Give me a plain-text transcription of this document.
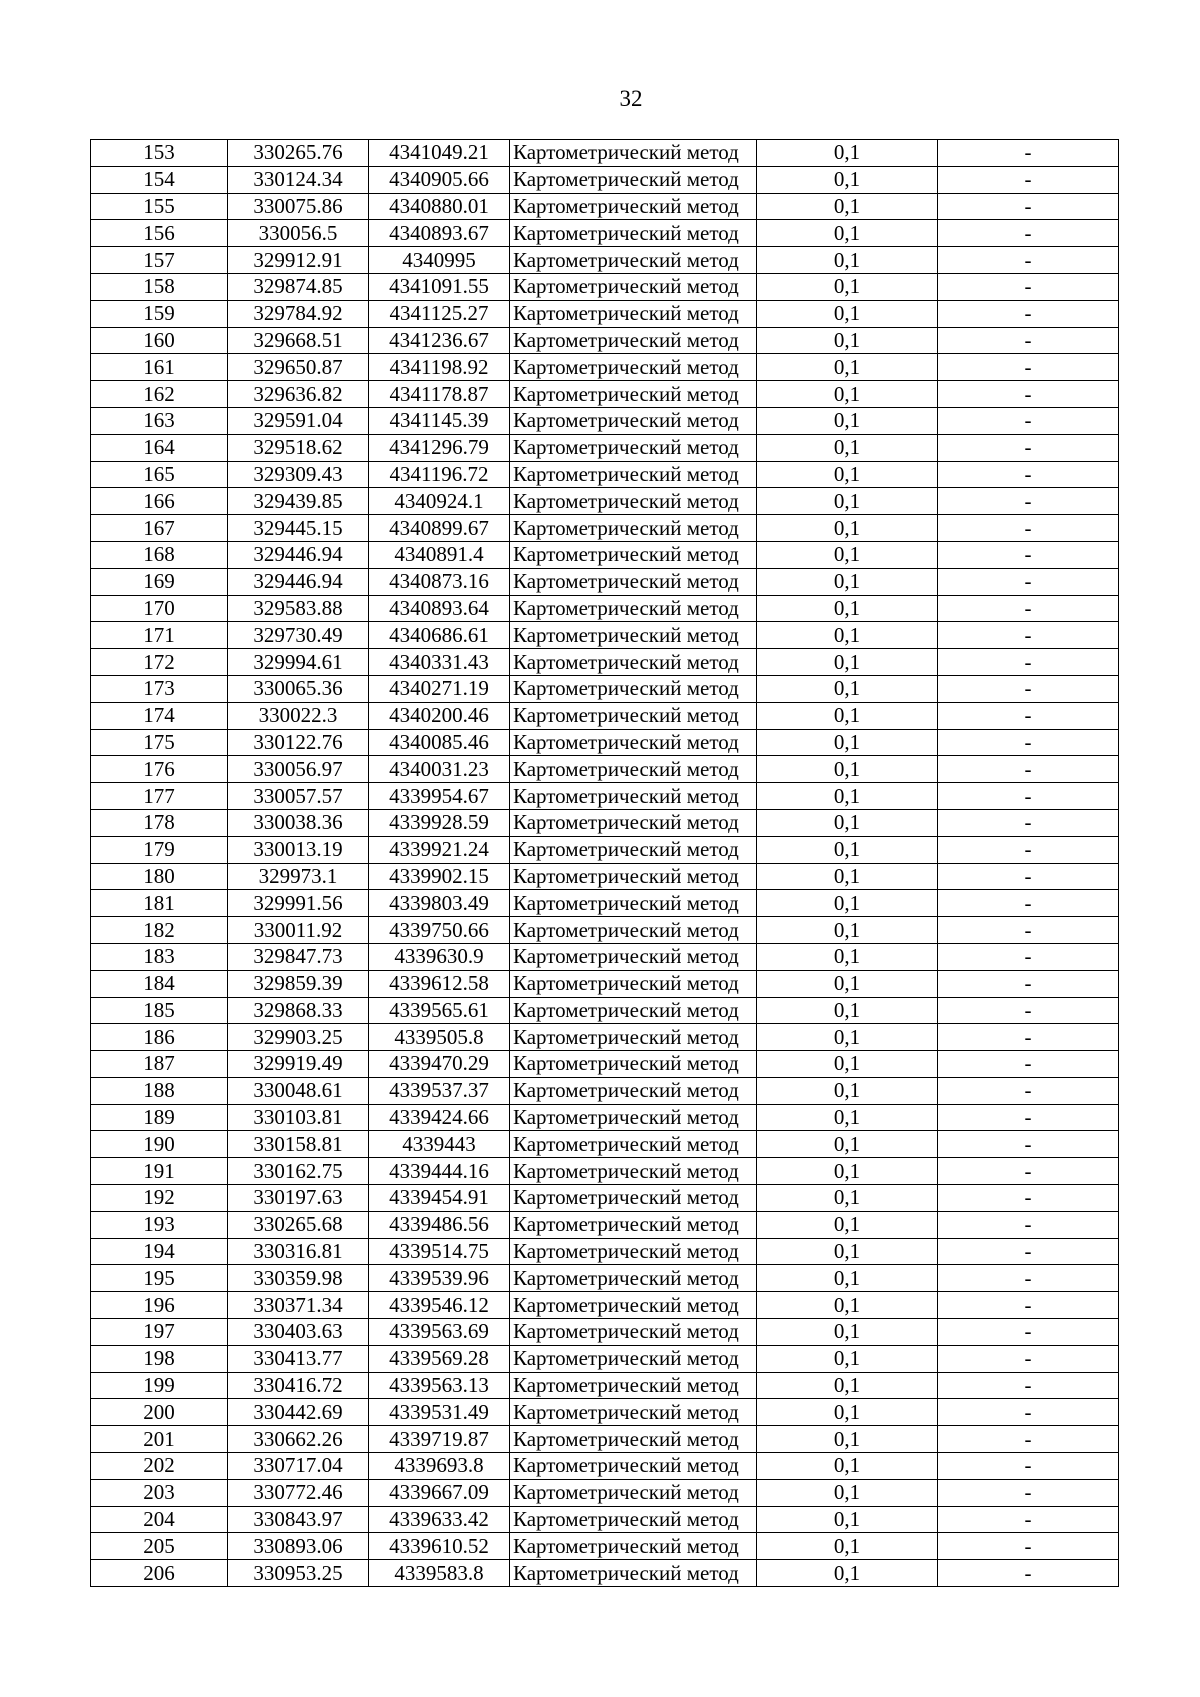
32
153	330265.76	4341049.21	Картометрический метод	0,1	-
154	330124.34	4340905.66	Картометрический метод	0,1	-
155	330075.86	4340880.01	Картометрический метод	0,1	-
156	330056.5	4340893.67	Картометрический метод	0,1	-
157	329912.91	4340995	Картометрический метод	0,1	-
158	329874.85	4341091.55	Картометрический метод	0,1	-
159	329784.92	4341125.27	Картометрический метод	0,1	-
160	329668.51	4341236.67	Картометрический метод	0,1	-
161	329650.87	4341198.92	Картометрический метод	0,1	-
162	329636.82	4341178.87	Картометрический метод	0,1	-
163	329591.04	4341145.39	Картометрический метод	0,1	-
164	329518.62	4341296.79	Картометрический метод	0,1	-
165	329309.43	4341196.72	Картометрический метод	0,1	-
166	329439.85	4340924.1	Картометрический метод	0,1	-
167	329445.15	4340899.67	Картометрический метод	0,1	-
168	329446.94	4340891.4	Картометрический метод	0,1	-
169	329446.94	4340873.16	Картометрический метод	0,1	-
170	329583.88	4340893.64	Картометрический метод	0,1	-
171	329730.49	4340686.61	Картометрический метод	0,1	-
172	329994.61	4340331.43	Картометрический метод	0,1	-
173	330065.36	4340271.19	Картометрический метод	0,1	-
174	330022.3	4340200.46	Картометрический метод	0,1	-
175	330122.76	4340085.46	Картометрический метод	0,1	-
176	330056.97	4340031.23	Картометрический метод	0,1	-
177	330057.57	4339954.67	Картометрический метод	0,1	-
178	330038.36	4339928.59	Картометрический метод	0,1	-
179	330013.19	4339921.24	Картометрический метод	0,1	-
180	329973.1	4339902.15	Картометрический метод	0,1	-
181	329991.56	4339803.49	Картометрический метод	0,1	-
182	330011.92	4339750.66	Картометрический метод	0,1	-
183	329847.73	4339630.9	Картометрический метод	0,1	-
184	329859.39	4339612.58	Картометрический метод	0,1	-
185	329868.33	4339565.61	Картометрический метод	0,1	-
186	329903.25	4339505.8	Картометрический метод	0,1	-
187	329919.49	4339470.29	Картометрический метод	0,1	-
188	330048.61	4339537.37	Картометрический метод	0,1	-
189	330103.81	4339424.66	Картометрический метод	0,1	-
190	330158.81	4339443	Картометрический метод	0,1	-
191	330162.75	4339444.16	Картометрический метод	0,1	-
192	330197.63	4339454.91	Картометрический метод	0,1	-
193	330265.68	4339486.56	Картометрический метод	0,1	-
194	330316.81	4339514.75	Картометрический метод	0,1	-
195	330359.98	4339539.96	Картометрический метод	0,1	-
196	330371.34	4339546.12	Картометрический метод	0,1	-
197	330403.63	4339563.69	Картометрический метод	0,1	-
198	330413.77	4339569.28	Картометрический метод	0,1	-
199	330416.72	4339563.13	Картометрический метод	0,1	-
200	330442.69	4339531.49	Картометрический метод	0,1	-
201	330662.26	4339719.87	Картометрический метод	0,1	-
202	330717.04	4339693.8	Картометрический метод	0,1	-
203	330772.46	4339667.09	Картометрический метод	0,1	-
204	330843.97	4339633.42	Картометрический метод	0,1	-
205	330893.06	4339610.52	Картометрический метод	0,1	-
206	330953.25	4339583.8	Картометрический метод	0,1	-
